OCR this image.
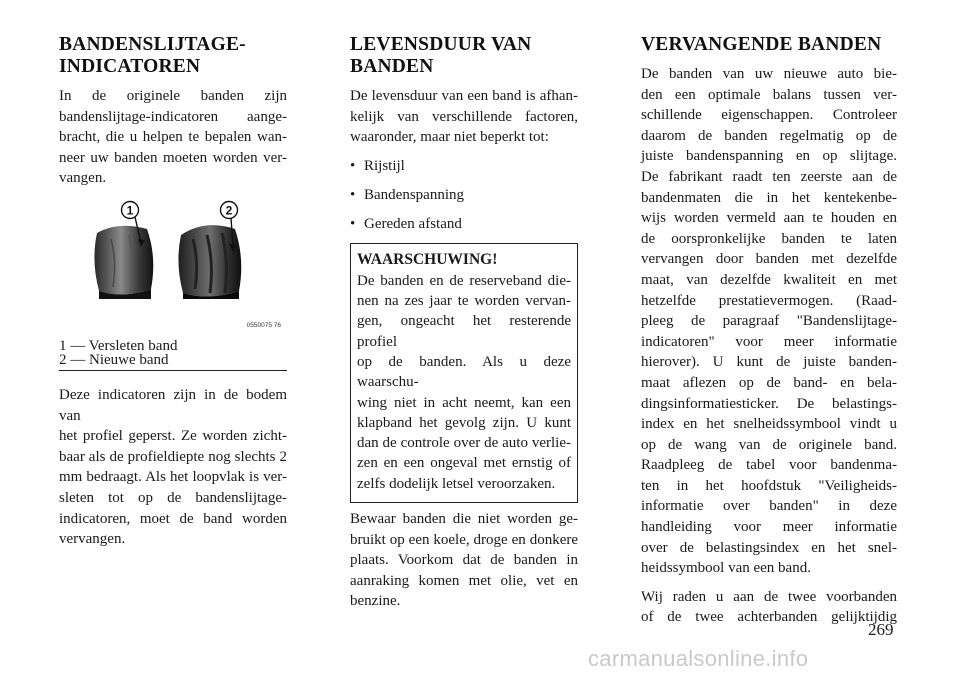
BANDENSLIJTAGE-
INDICATOREN

In de originele banden zijn
bandenslijtage-indicatoren aange-
bracht, die u helpen te bepalen wan-
neer uw banden moeten worden ver-
vangen.

1	2
0550075 76
1 — Versleten band
2 — Nieuwe band

Deze indicatoren zijn in de bodem van
het profiel geperst. Ze worden zicht-
baar als de profieldiepte nog slechts 2
mm bedraagt. Als het loopvlak is ver-
sleten tot op de bandenslijtage-
indicatoren, moet de band worden
vervangen.

LEVENSDUUR VAN
BANDEN

De levensduur van een band is afhan-
kelijk van verschillende factoren,
waaronder, maar niet beperkt tot:

• Rijstijl
• Bandenspanning
• Gereden afstand
WAARSCHUWING!

De banden en de reserveband die-
nen na zes jaar te worden vervan-
gen, ongeacht het resterende profiel
op de banden. Als u deze waarschu-
wing niet in acht neemt, kan een
klapband het gevolg zijn. U kunt
dan de controle over de auto verlie-
zen en een ongeval met ernstig of
zelfs dodelijk letsel veroorzaken.

Bewaar banden die niet worden ge-
bruikt op een koele, droge en donkere
plaats. Voorkom dat de banden in
aanraking komen met olie, vet en
benzine.

VERVANGENDE BANDEN

De banden van uw nieuwe auto bie-
den een optimale balans tussen ver-
schillende eigenschappen. Controleer
daarom de banden regelmatig op de
juiste bandenspanning en op slijtage.
De fabrikant raadt ten zeerste aan de
bandenmaten die in het kentekenbe-
wijs worden vermeld aan te houden en
de oorspronkelijke banden te laten
vervangen door banden met dezelfde
maat, van dezelfde kwaliteit en met
hetzelfde prestatievermogen. (Raad-
pleeg de paragraaf "Bandenslijtage-
indicatoren" voor meer informatie
hierover). U kunt de juiste banden-
maat aflezen op de band- en bela-
dingsinformatiesticker. De belastings-
index en het snelheidssymbool vindt u
op de wang van de originele band.
Raadpleeg de tabel voor bandenma-
ten in het hoofdstuk "Veiligheids-
informatie over banden" in deze
handleiding voor meer informatie
over de belastingsindex en het snel-
heidssymbool van een band.

Wij raden u aan de twee voorbanden
of de twee achterbanden gelijktijdig

269
carmanualsonline.info
